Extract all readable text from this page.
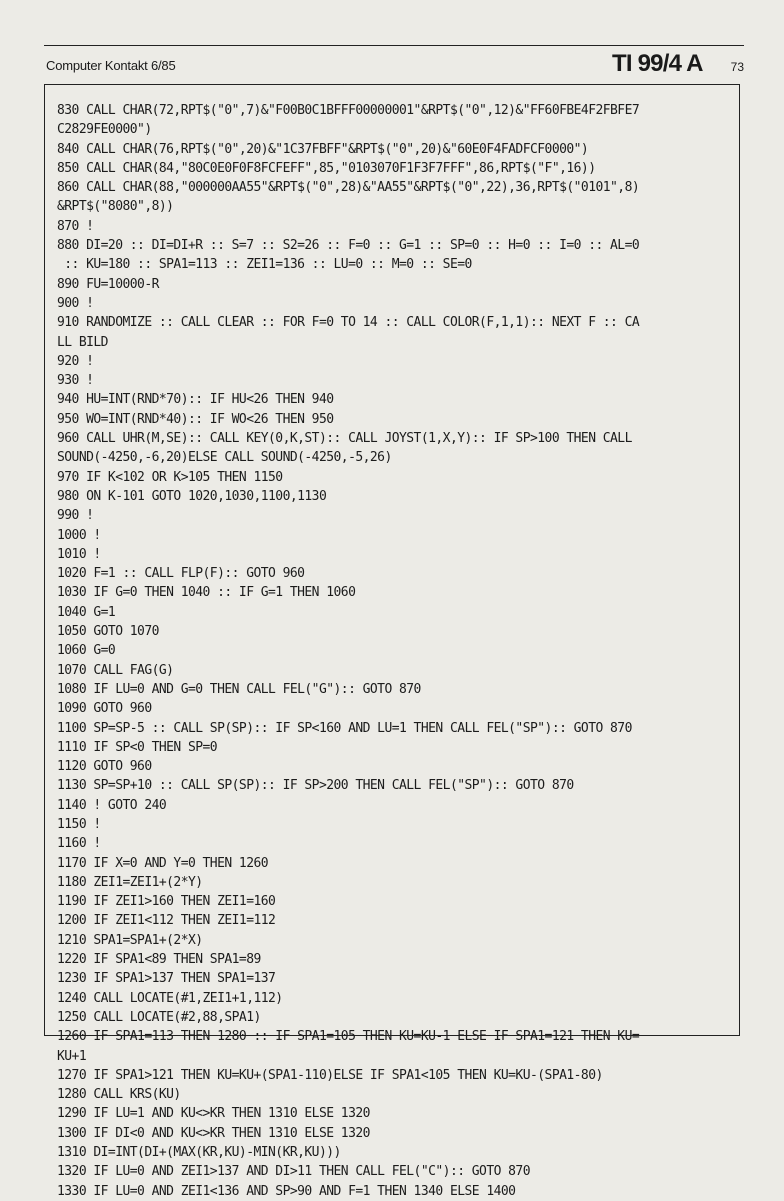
Computer Kontakt 6/85	TI 99/4 A 73
830 CALL CHAR(72,RPT$("0",7)&"F00B0C1BFFF00000001"&RPT$("0",12)&"FF60FBE4F2FBFE7
C2829FE0000")
840 CALL CHAR(76,RPT$("0",20)&"1C37FBFF"&RPT$("0",20)&"60E0F4FADFCF0000")
850 CALL CHAR(84,"80C0E0F0F8FCFEFF",85,"0103070F1F3F7FFF",86,RPT$("F",16))
860 CALL CHAR(88,"000000AA55"&RPT$("0",28)&"AA55"&RPT$("0",22),36,RPT$("0101",8)
&RPT$("8080",8))
870 !
880 DI=20 :: DI=DI+R :: S=7 :: S2=26 :: F=0 :: G=1 :: SP=0 :: H=0 :: I=0 :: AL=0
:: KU=180 :: SPA1=113 :: ZEI1=136 :: LU=0 :: M=0 :: SE=0
890 FU=10000-R
900 !
910 RANDOMIZE :: CALL CLEAR :: FOR F=0 TO 14 :: CALL COLOR(F,1,1):: NEXT F :: CA
LL BILD
920 !
930 !
940 HU=INT(RND*70):: IF HU<26 THEN 940
950 WO=INT(RND*40):: IF WO<26 THEN 950
960 CALL UHR(M,SE):: CALL KEY(0,K,ST):: CALL JOYST(1,X,Y):: IF SP>100 THEN CALL
SOUND(-4250,-6,20)ELSE CALL SOUND(-4250,-5,26)
970 IF K<102 OR K>105 THEN 1150
980 ON K-101 GOTO 1020,1030,1100,1130
990 !
1000 !
1010 !
1020 F=1 :: CALL FLP(F):: GOTO 960
1030 IF G=0 THEN 1040 :: IF G=1 THEN 1060
1040 G=1
1050 GOTO 1070
1060 G=0
1070 CALL FAG(G)
1080 IF LU=0 AND G=0 THEN CALL FEL("G"):: GOTO 870
1090 GOTO 960
1100 SP=SP-5 :: CALL SP(SP):: IF SP<160 AND LU=1 THEN CALL FEL("SP"):: GOTO 870
1110 IF SP<0 THEN SP=0
1120 GOTO 960
1130 SP=SP+10 :: CALL SP(SP):: IF SP>200 THEN CALL FEL("SP"):: GOTO 870
1140 ! GOTO 240
1150 !
1160 !
1170 IF X=0 AND Y=0 THEN 1260
1180 ZEI1=ZEI1+(2*Y)
1190 IF ZEI1>160 THEN ZEI1=160
1200 IF ZEI1<112 THEN ZEI1=112
1210 SPA1=SPA1+(2*X)
1220 IF SPA1<89 THEN SPA1=89
1230 IF SPA1>137 THEN SPA1=137
1240 CALL LOCATE(#1,ZEI1+1,112)
1250 CALL LOCATE(#2,88,SPA1)
1260 IF SPA1=113 THEN 1280 :: IF SPA1=105 THEN KU=KU-1 ELSE IF SPA1=121 THEN KU=
KU+1
1270 IF SPA1>121 THEN KU=KU+(SPA1-110)ELSE IF SPA1<105 THEN KU=KU-(SPA1-80)
1280 CALL KRS(KU)
1290 IF LU=1 AND KU<>KR THEN 1310 ELSE 1320
1300 IF DI<0 AND KU<>KR THEN 1310 ELSE 1320
1310 DI=INT(DI+(MAX(KR,KU)-MIN(KR,KU)))
1320 IF LU=0 AND ZEI1>137 AND DI>11 THEN CALL FEL("C"):: GOTO 870
1330 IF LU=0 AND ZEI1<136 AND SP>90 AND F=1 THEN 1340 ELSE 1400
